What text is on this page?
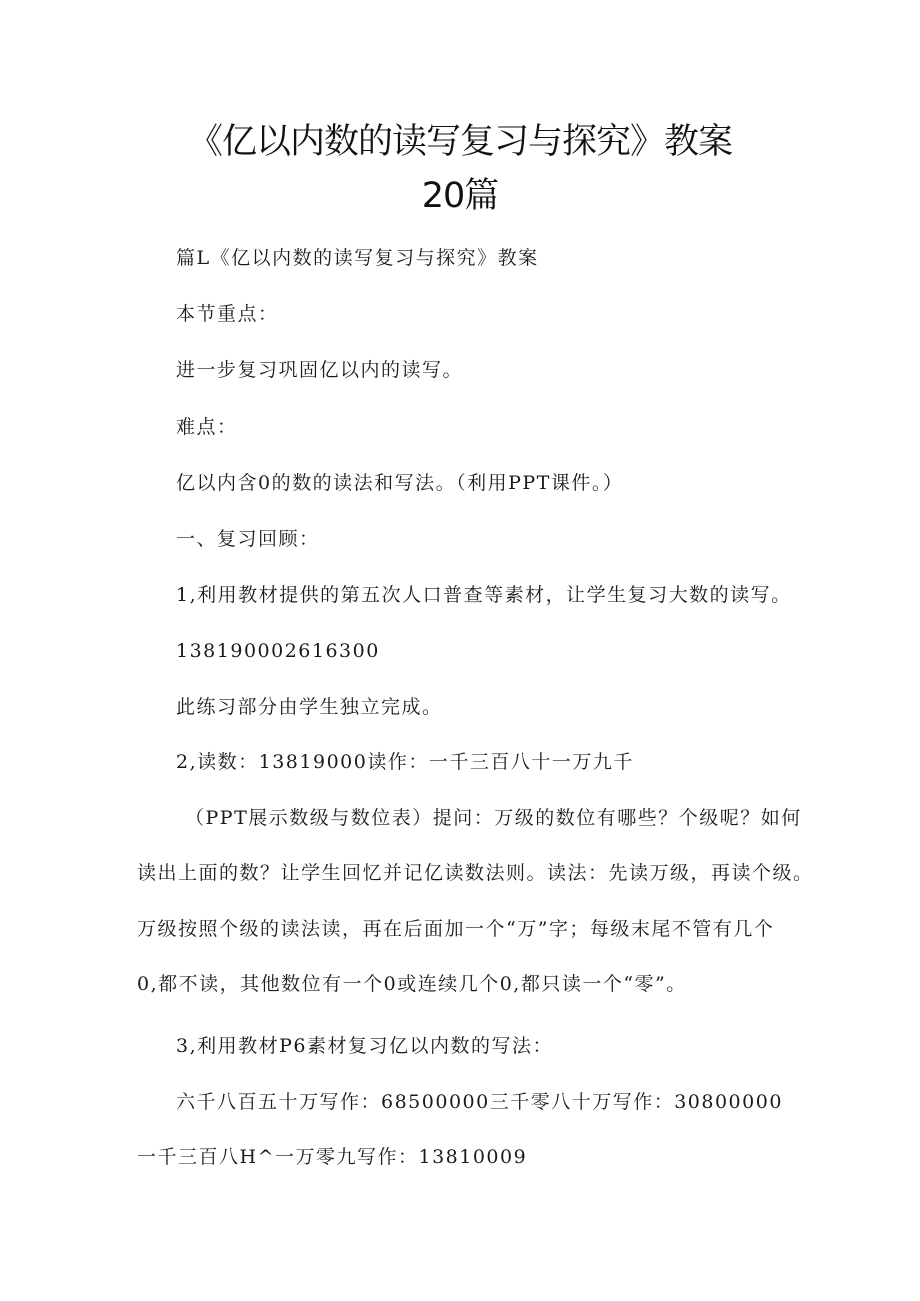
《亿以内数的读写复习与探究》教案
20篇
篇L《亿以内数的读写复习与探究》教案
本节重点：
进一步复习巩固亿以内的读写。
难点：
亿以内含0的数的读法和写法。（利用PPT课件。）
一、复习回顾：
1,利用教材提供的第五次人口普查等素材，让学生复习大数的读写。
138190002616300
此练习部分由学生独立完成。
2,读数：13819000读作：一千三百八十一万九千
（PPT展示数级与数位表）提问：万级的数位有哪些？个级呢？如何
读出上面的数？让学生回忆并记亿读数法则。读法：先读万级，再读个级。
万级按照个级的读法读，再在后面加一个“万”字；每级末尾不管有几个
0,都不读，其他数位有一个0或连续几个0,都只读一个“零”。
3,利用教材P6素材复习亿以内数的写法：
六千八百五十万写作：68500000三千零八十万写作：30800000
一千三百八H^一万零九写作：13810009
